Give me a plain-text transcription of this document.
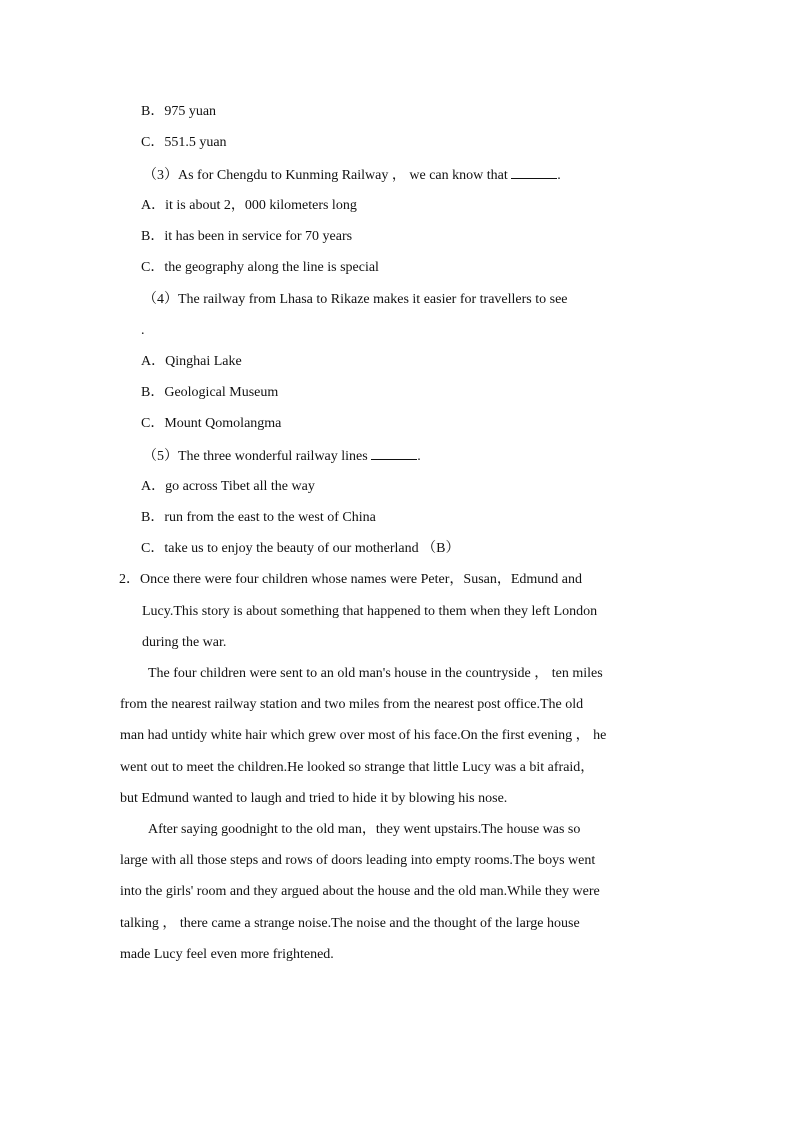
B．975 yuan
C．551.5 yuan
（3）As for Chengdu to Kunming Railway ， we can know that	.
A．it is about 2，000 kilometers long
B．it has been in service for 70 years
C．the geography along the line is special
（4）The railway from Lhasa to Rikaze makes it easier for travellers to see
.
A．Qinghai Lake
B．Geological Museum
C．Mount Qomolangma
（5）The three wonderful railway lines	.
A．go across Tibet all the way
B．run from the east to the west of China
C．take us to enjoy the beauty of our motherland （B）
2．Once there were four children whose names were Peter，Susan，Edmund and
Lucy.This story is about something that happened to them when they left London
during the war.
The four children were sent to an old man's house in the countryside ， ten miles
from the nearest railway station and two miles from the nearest post office.The old
man had untidy white hair which grew over most of his face.On the first evening ， he
went out to meet the children.He looked so strange that little Lucy was a bit afraid，
but Edmund wanted to laugh and tried to hide it by blowing his nose.
After saying goodnight to the old man，they went upstairs.The house was so
large with all those steps and rows of doors leading into empty rooms.The boys went
into the girls' room and they argued about the house and the old man.While they were
talking ， there came a strange noise.The noise and the thought of the large house
made Lucy feel even more frightened.
